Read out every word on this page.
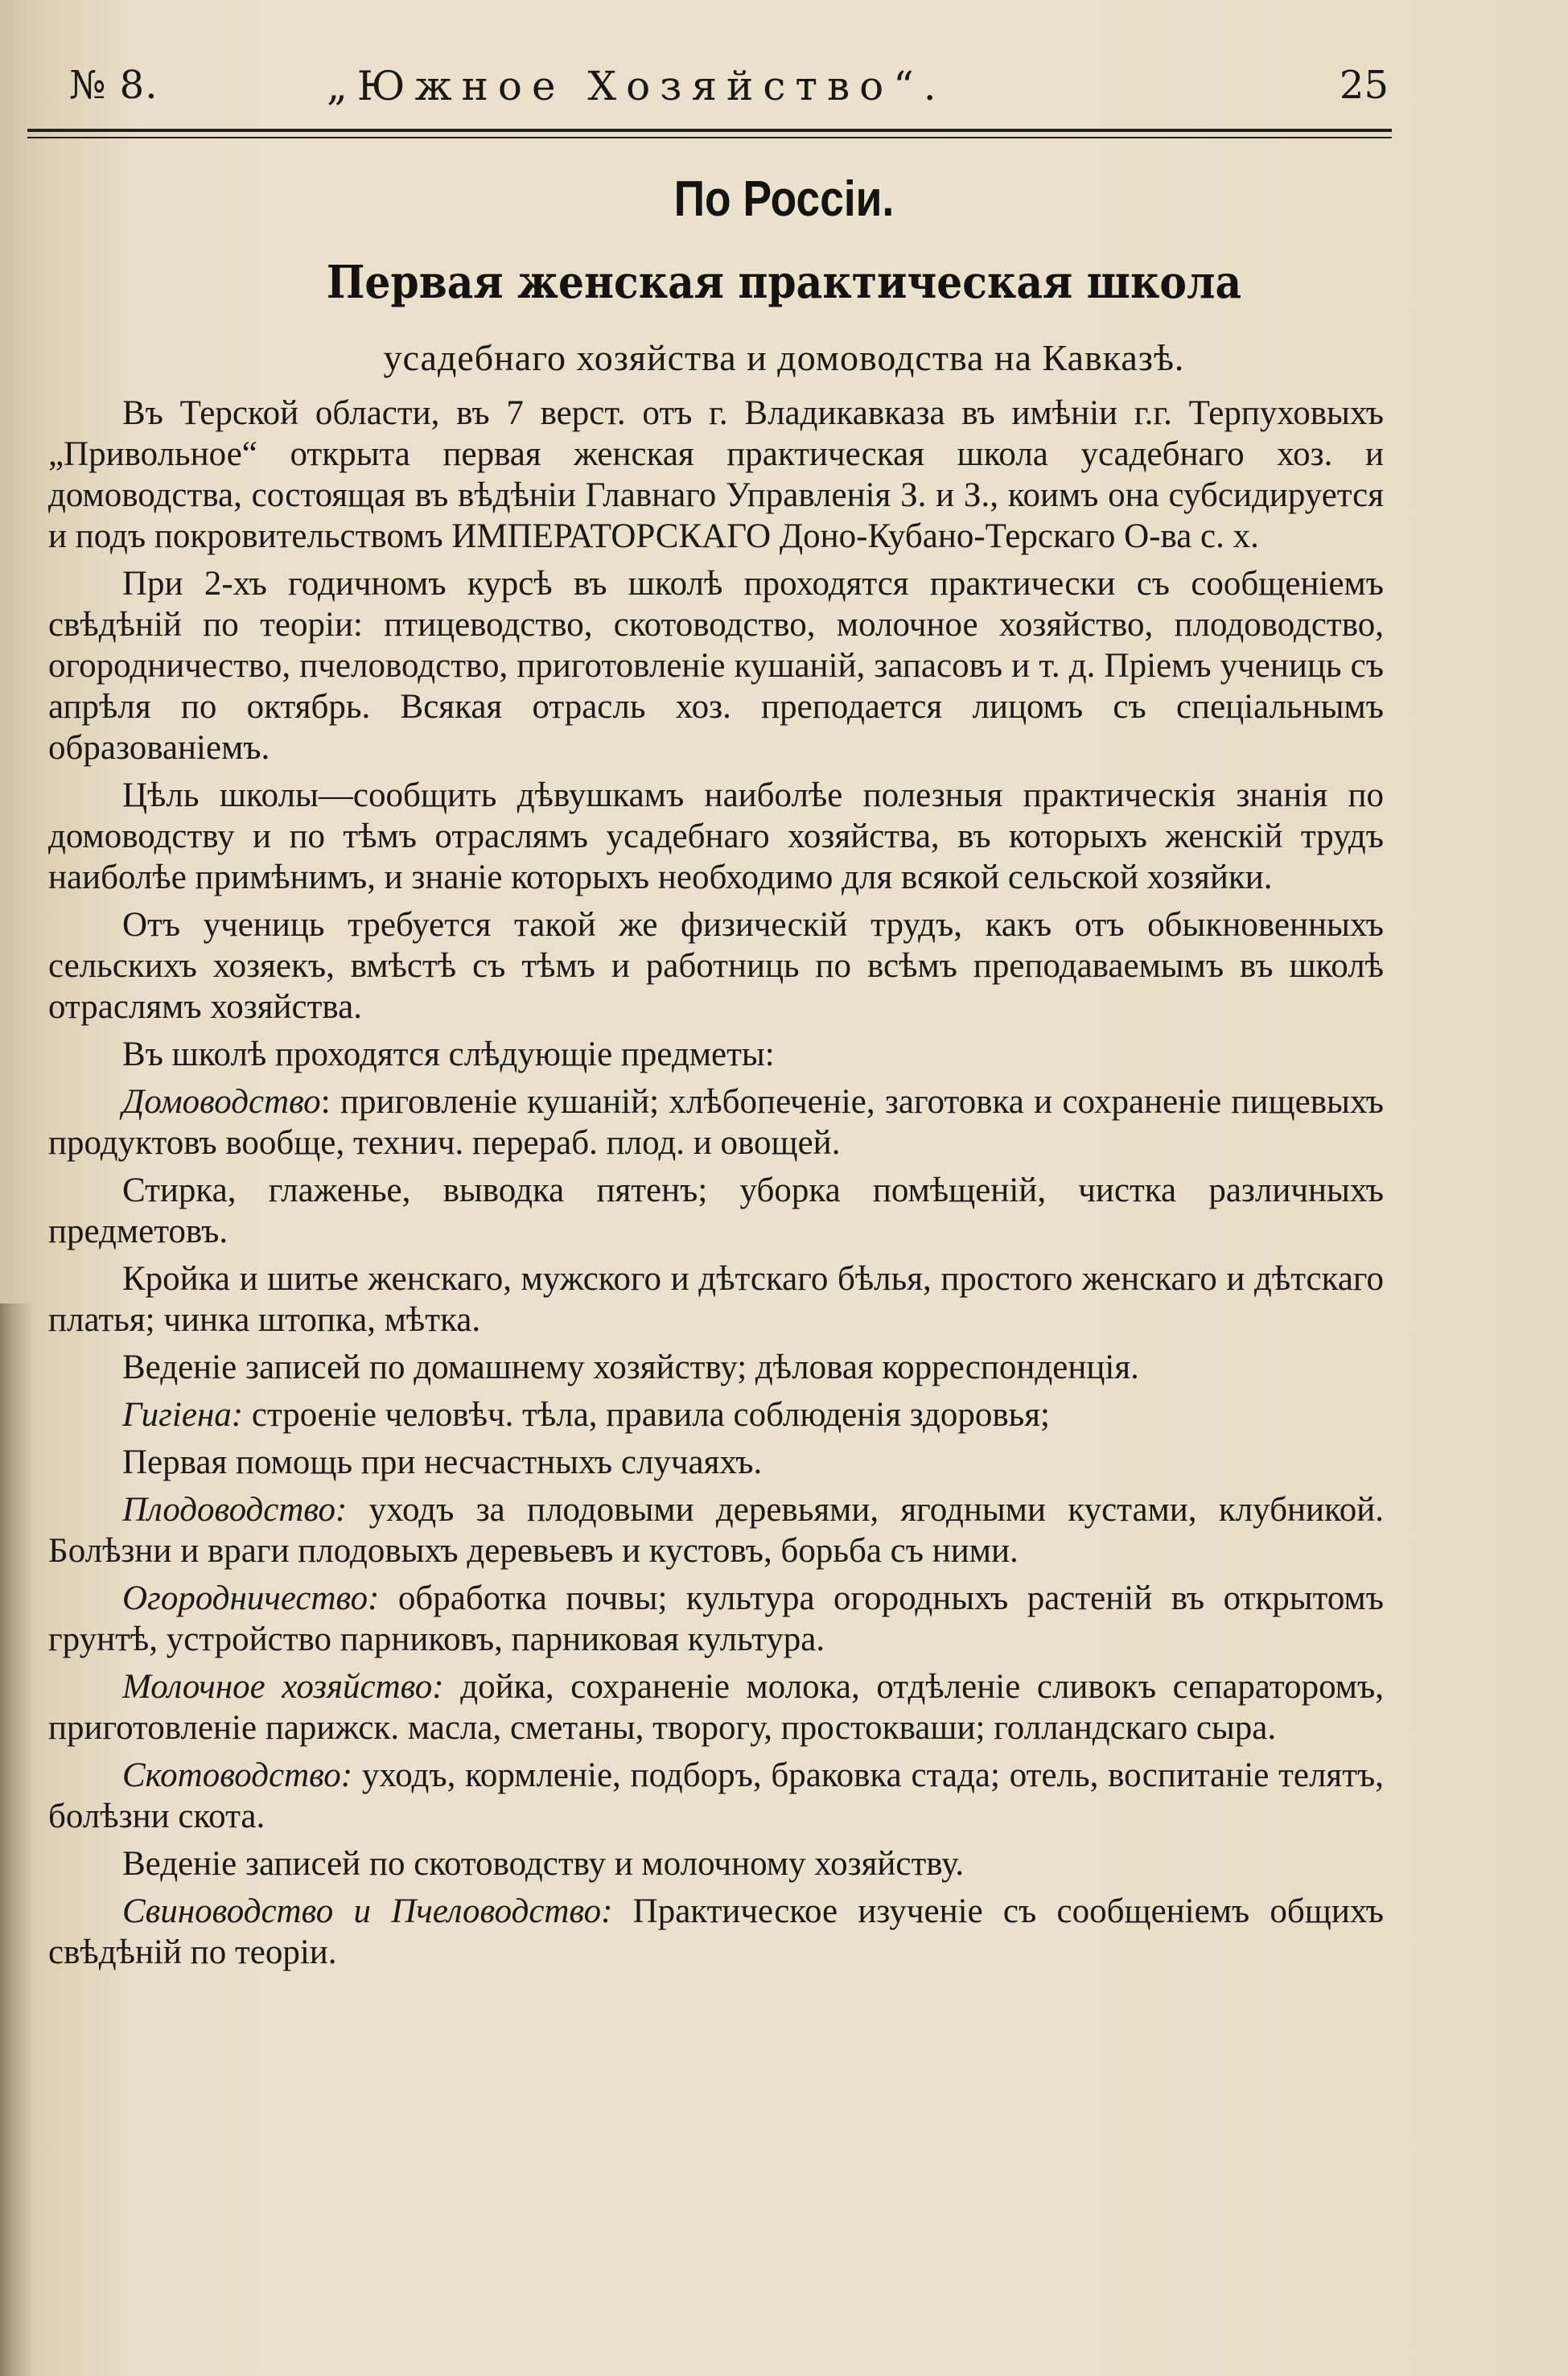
№ 8.	„Южное Хозяйство“.	25
По Россіи.
Первая женская практическая школа
усадебнаго хозяйства и домоводства на Кавказѣ.

Въ Терской области, въ 7 верст. отъ г. Владикавказа въ имѣніи г.г. Терпуховыхъ „Привольное“ открыта первая женская практическая школа усадебнаго хоз. и домоводства, состоящая въ вѣдѣніи Главнаго Управленія З. и З., коимъ она субсидируется и подъ покровительствомъ ИМПЕРАТОРСКАГО Доно-Кубано-Терскаго О-ва с. х.

При 2-хъ годичномъ курсѣ въ школѣ проходятся практически съ сообщеніемъ свѣдѣній по теоріи: птицеводство, скотоводство, молочное хозяйство, плодоводство, огородничество, пчеловодство, приготовленіе кушаній, запасовъ и т. д. Пріемъ учениць съ апрѣля по октябрь. Всякая отрасль хоз. преподается лицомъ съ спеціальнымъ образованіемъ.

Цѣль школы—сообщить дѣвушкамъ наиболѣе полезныя практическія знанія по домоводству и по тѣмъ отраслямъ усадебнаго хозяйства, въ которыхъ женскій трудъ наиболѣе примѣнимъ, и знаніе которыхъ необходимо для всякой сельской хозяйки.

Отъ учениць требуется такой же физическій трудъ, какъ отъ обыкновенныхъ сельскихъ хозяекъ, вмѣстѣ съ тѣмъ и работниць по всѣмъ преподаваемымъ въ школѣ отраслямъ хозяйства.

Въ школѣ проходятся слѣдующіе предметы:

Домоводство: приговленіе кушаній; хлѣбопеченіе, заготовка и сохраненіе пищевыхъ продуктовъ вообще, технич. перераб. плод. и овощей.

Стирка, глаженье, выводка пятенъ; уборка помѣщеній, чистка различныхъ предметовъ.

Кройка и шитье женскаго, мужского и дѣтскаго бѣлья, простого женскаго и дѣтскаго платья; чинка штопка, мѣтка.

Веденіе записей по домашнему хозяйству; дѣловая корреспонденція.

Гигіена: строеніе человѣч. тѣла, правила соблюденія здоровья;

Первая помощь при несчастныхъ случаяхъ.

Плодоводство: уходъ за плодовыми деревьями, ягодными кустами, клубникой. Болѣзни и враги плодовыхъ деревьевъ и кустовъ, борьба съ ними.

Огородничество: обработка почвы; культура огородныхъ растеній въ открытомъ грунтѣ, устройство парниковъ, парниковая культура.

Молочное хозяйство: дойка, сохраненіе молока, отдѣленіе сливокъ сепараторомъ, приготовленіе парижск. масла, сметаны, творогу, простокваши; голландскаго сыра.

Скотоводство: уходъ, кормленіе, подборъ, браковка стада; отель, воспитаніе телятъ, болѣзни скота.

Веденіе записей по скотоводству и молочному хозяйству.

Свиноводство и Пчеловодство: Практическое изученіе съ сообщеніемъ общихъ свѣдѣній по теоріи.
